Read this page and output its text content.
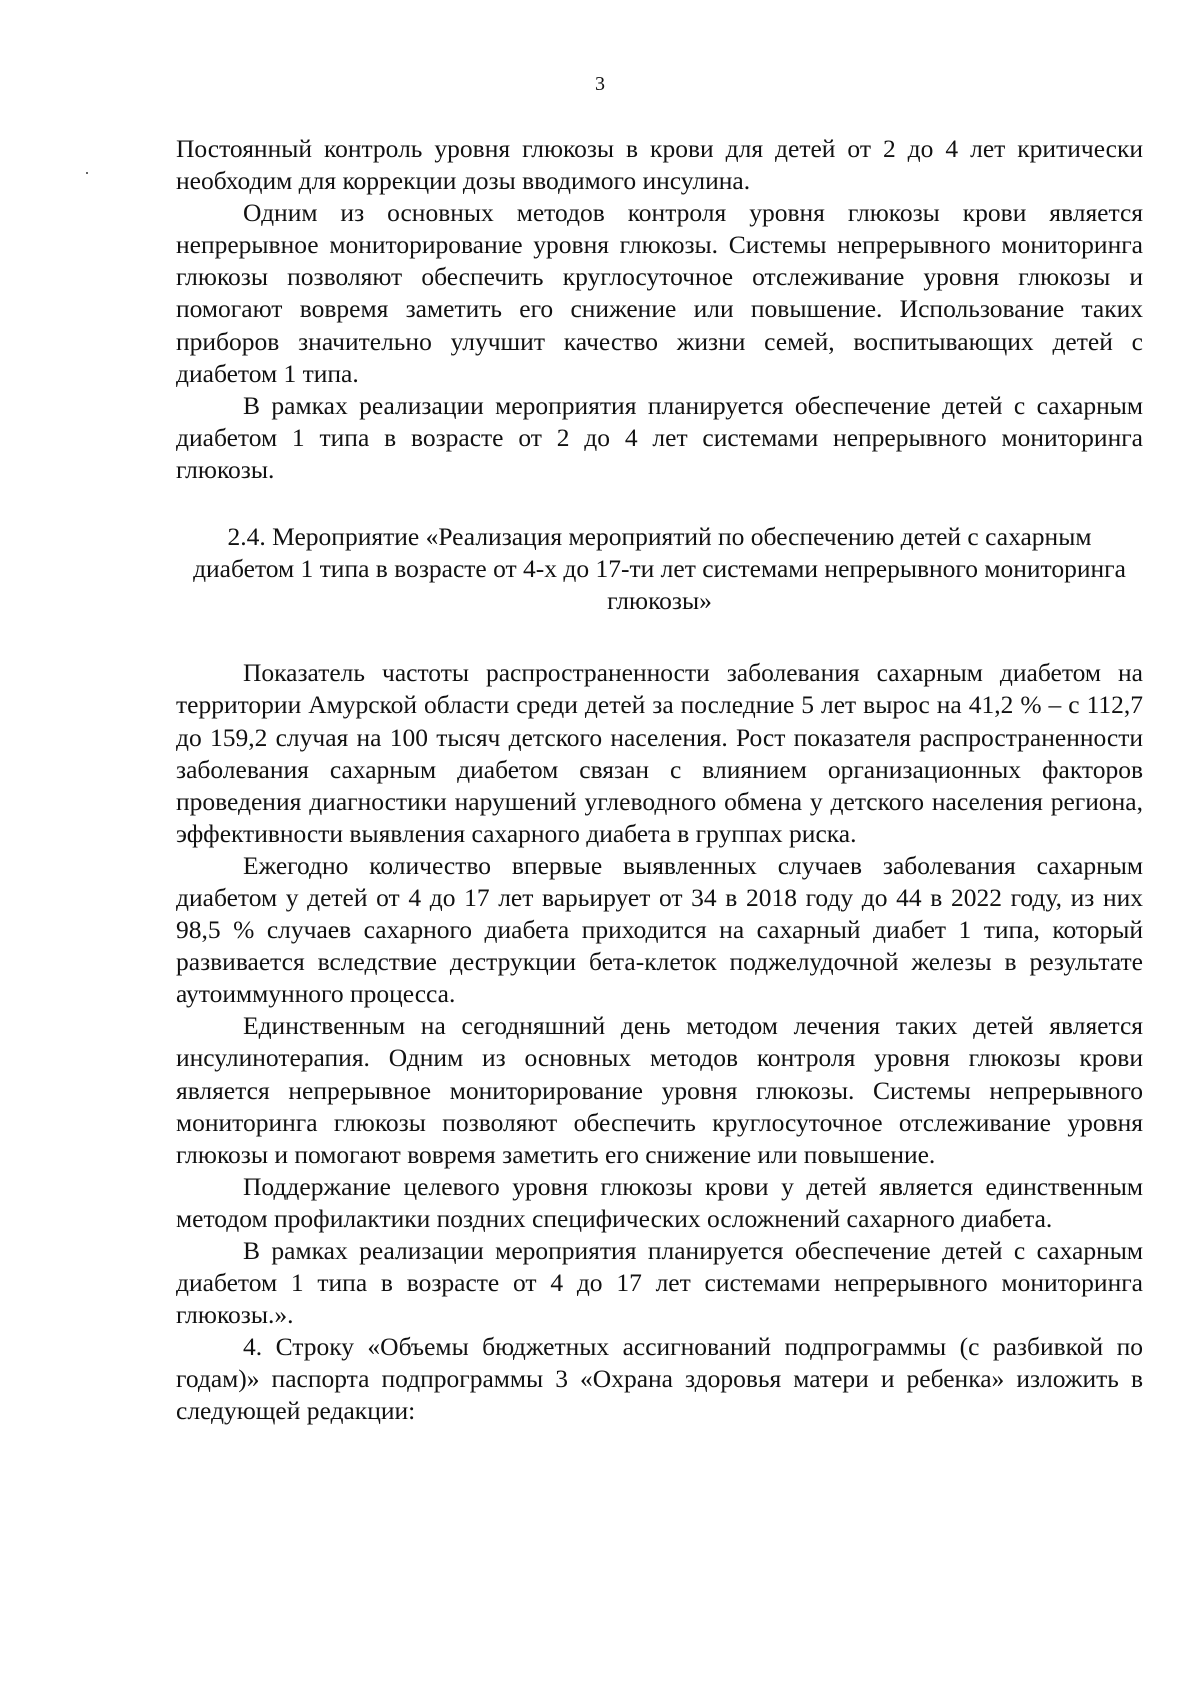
3

Постоянный контроль уровня глюкозы в крови для детей от 2 до 4 лет критически необходим для коррекции дозы вводимого инсулина.

Одним из основных методов контроля уровня глюкозы крови является непрерывное мониторирование уровня глюкозы. Системы непрерывного мониторинга глюкозы позволяют обеспечить круглосуточное отслеживание уровня глюкозы и помогают вовремя заметить его снижение или повышение. Использование таких приборов значительно улучшит качество жизни семей, воспитывающих детей с диабетом 1 типа.

В рамках реализации мероприятия планируется обеспечение детей с сахарным диабетом 1 типа в возрасте от 2 до 4 лет системами непрерывного мониторинга глюкозы.

2.4. Мероприятие «Реализация мероприятий по обеспечению детей с сахарным диабетом 1 типа в возрасте от 4-х до 17-ти лет системами непрерывного мониторинга глюкозы»

Показатель частоты распространенности заболевания сахарным диабетом на территории Амурской области среди детей за последние 5 лет вырос на 41,2 % – с 112,7 до 159,2 случая на 100 тысяч детского населения. Рост показателя распространенности заболевания сахарным диабетом связан с влиянием организационных факторов проведения диагностики нарушений углеводного обмена у детского населения региона, эффективности выявления сахарного диабета в группах риска.

Ежегодно количество впервые выявленных случаев заболевания сахарным диабетом у детей от 4 до 17 лет варьирует от 34 в 2018 году до 44 в 2022 году, из них 98,5 % случаев сахарного диабета приходится на сахарный диабет 1 типа, который развивается вследствие деструкции бета-клеток поджелудочной железы в результате аутоиммунного процесса.

Единственным на сегодняшний день методом лечения таких детей является инсулинотерапия. Одним из основных методов контроля уровня глюкозы крови является непрерывное мониторирование уровня глюкозы. Системы непрерывного мониторинга глюкозы позволяют обеспечить круглосуточное отслеживание уровня глюкозы и помогают вовремя заметить его снижение или повышение.

Поддержание целевого уровня глюкозы крови у детей является единственным методом профилактики поздних специфических осложнений сахарного диабета.

В рамках реализации мероприятия планируется обеспечение детей с сахарным диабетом 1 типа в возрасте от 4 до 17 лет системами непрерывного мониторинга глюкозы.».

4. Строку «Объемы бюджетных ассигнований подпрограммы (с разбивкой по годам)» паспорта подпрограммы 3 «Охрана здоровья матери и ребенка» изложить в следующей редакции:
